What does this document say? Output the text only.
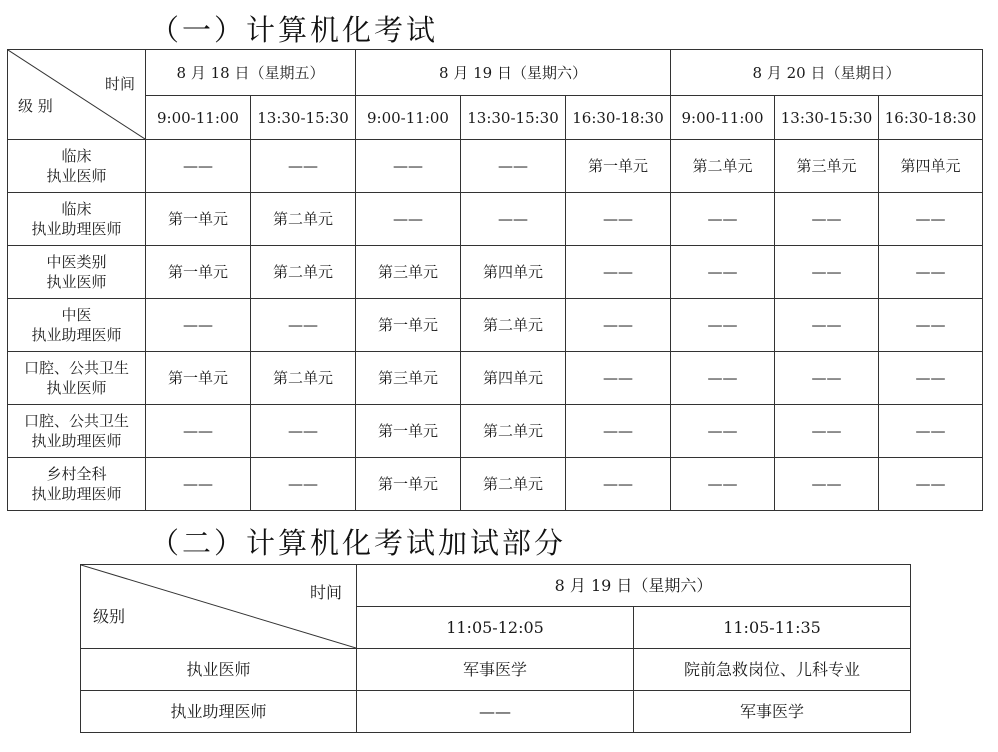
（一）计算机化考试
时间
级 别	8 月 18 日（星期五）		8 月 19 日（星期六）			8 月 20 日（星期日）		
	9:00-11:00	13:30-15:30	9:00-11:00	13:30-15:30	16:30-18:30	9:00-11:00	13:30-15:30	16:30-18:30

临床
执业医师	——	——	——	——	第一单元	第二单元	第三单元	第四单元

临床
执业助理医师	第一单元	第二单元	——	——	——	——	——	——

中医类别
执业医师	第一单元	第二单元	第三单元	第四单元	——	——	——	——

中医
执业助理医师	——	——	第一单元	第二单元	——	——	——	——

口腔、公共卫生
执业医师	第一单元	第二单元	第三单元	第四单元	——	——	——	——

口腔、公共卫生
执业助理医师	——	——	第一单元	第二单元	——	——	——	——

乡村全科
执业助理医师	——	——	第一单元	第二单元	——	——	——	——
（二）计算机化考试加试部分
时间
级别	8 月 19 日（星期六）	
	11:05-12:05	11:05-11:35
执业医师	军事医学	院前急救岗位、儿科专业
执业助理医师	——	军事医学
